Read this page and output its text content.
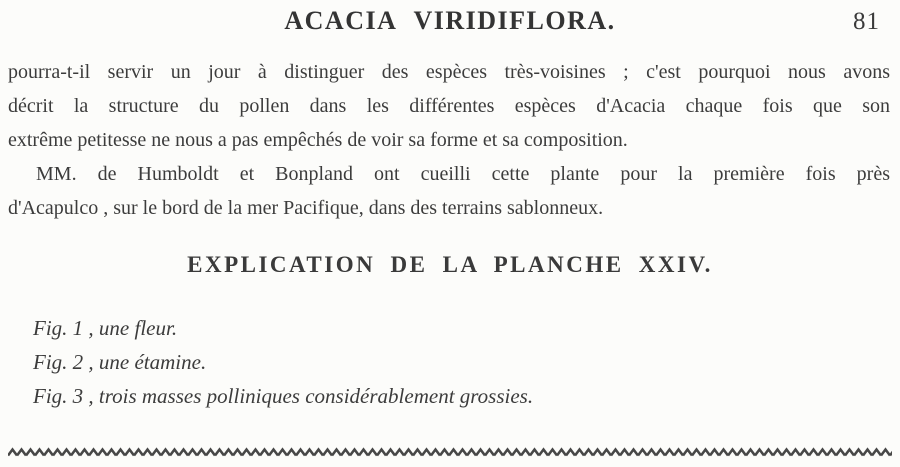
ACACIA VIRIDIFLORA.	81
pourra-t-il servir un jour à distinguer des espèces très-voisines ; c'est pourquoi nous avons
décrit la structure du pollen dans les différentes espèces d'Acacia chaque fois que son
extrême petitesse ne nous a pas empêchés de voir sa forme et sa composition.
MM. de Humboldt et Bonpland ont cueilli cette plante pour la première fois près
d'Acapulco , sur le bord de la mer Pacifique, dans des terrains sablonneux.
EXPLICATION DE LA PLANCHE XXIV.
Fig. 1 , une fleur.
Fig. 2 , une étamine.
Fig. 3 , trois masses polliniques considérablement grossies.
